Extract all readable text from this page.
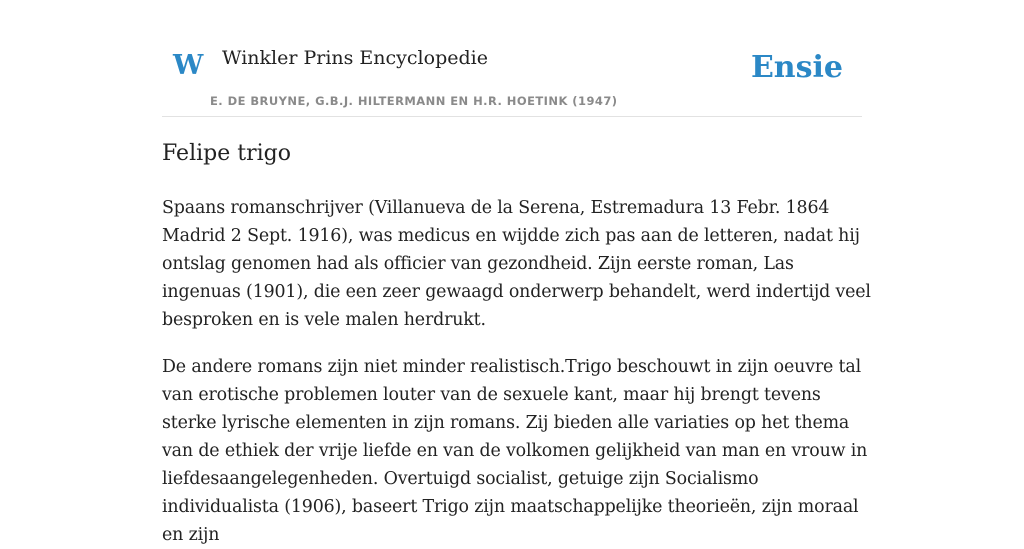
W Winkler Prins Encyclopedie
E. DE BRUYNE, G.B.J. HILTERMANN EN H.R. HOETINK (1947)
Ensie
Felipe trigo

Spaans romanschrijver (Villanueva de la Serena, Estremadura 13 Febr. 1864 Madrid 2 Sept. 1916), was medicus en wijdde zich pas aan de letteren, nadat hij ontslag genomen had als officier van gezondheid. Zijn eerste roman, Las ingenuas (1901), die een zeer gewaagd onderwerp behandelt, werd indertijd veel besproken en is vele malen herdrukt.

De andere romans zijn niet minder realistisch.Trigo beschouwt in zijn oeuvre tal van erotische problemen louter van de sexuele kant, maar hij brengt tevens sterke lyrische elementen in zijn romans. Zij bieden alle variaties op het thema van de ethiek der vrije liefde en van de volkomen gelijkheid van man en vrouw in liefdesaangelegenheden. Overtuigd socialist, getuige zijn Socialismo individualista (1906), baseert Trigo zijn maatschappelijke theorieën, zijn moraal en zijn
